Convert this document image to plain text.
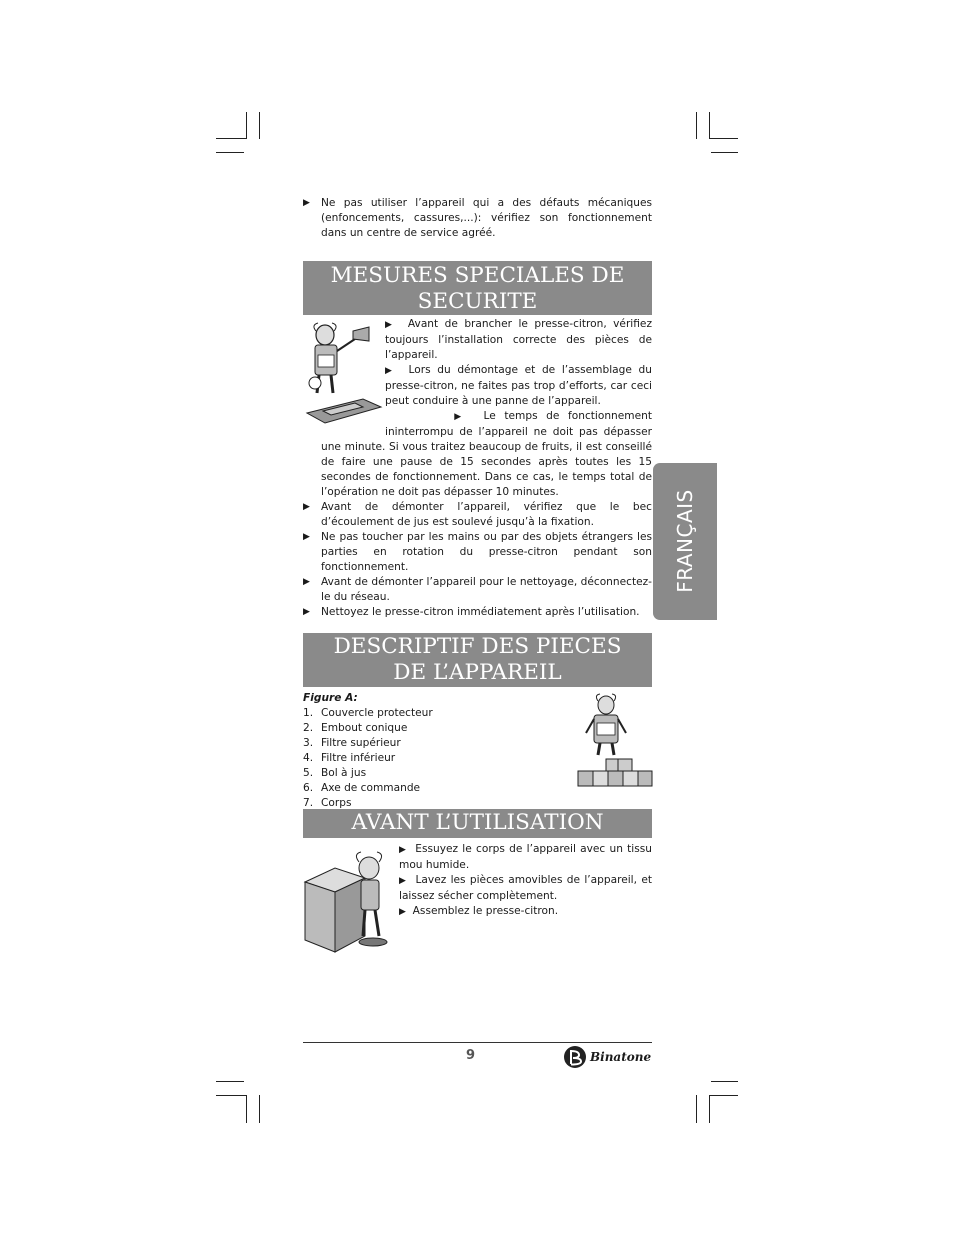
▶ Ne pas utiliser l’appareil qui a des défauts mécaniques (enfoncements, cassures,...): vérifiez son fonctionnement dans un centre de service agréé.
MESURES SPECIALES DE SECURITE
▶ Avant de brancher le presse-citron, vérifiez toujours l’installation correcte des pièces de l’appareil.
▶ Lors du démontage et de l’assemblage du presse-citron, ne faites pas trop d’efforts, car ceci peut conduire à une panne de l’appareil.
▶ Le temps de fonctionnement ininterrompu de l’appareil ne doit pas dépasser une minute. Si vous traitez beaucoup de fruits, il est conseillé de faire une pause de 15 secondes après toutes les 15 secondes de fonctionnement. Dans ce cas, le temps total de l’opération ne doit pas dépasser 10 minutes.
▶ Avant de démonter l’appareil, vérifiez que le bec d’écoulement de jus est soulevé jusqu’à la fixation.
▶ Ne pas toucher par les mains ou par des objets étrangers les parties en rotation du presse-citron pendant son fonctionnement.
▶ Avant de démonter l’appareil pour le nettoyage, déconnectez-le du réseau.
▶ Nettoyez le presse-citron immédiatement après l’utilisation.
DESCRIPTIF DES PIECES DE L’APPAREIL
Figure A:
1. Couvercle protecteur
2. Embout conique
3. Filtre supérieur
4. Filtre inférieur
5. Bol à jus
6. Axe de commande
7. Corps
AVANT L’UTILISATION
▶ Essuyez le corps de l’appareil avec un tissu mou humide.
▶ Lavez les pièces amovibles de l’appareil, et laissez sécher complètement.
▶ Assemblez le presse-citron.
FRANÇAIS
9	Binatone
